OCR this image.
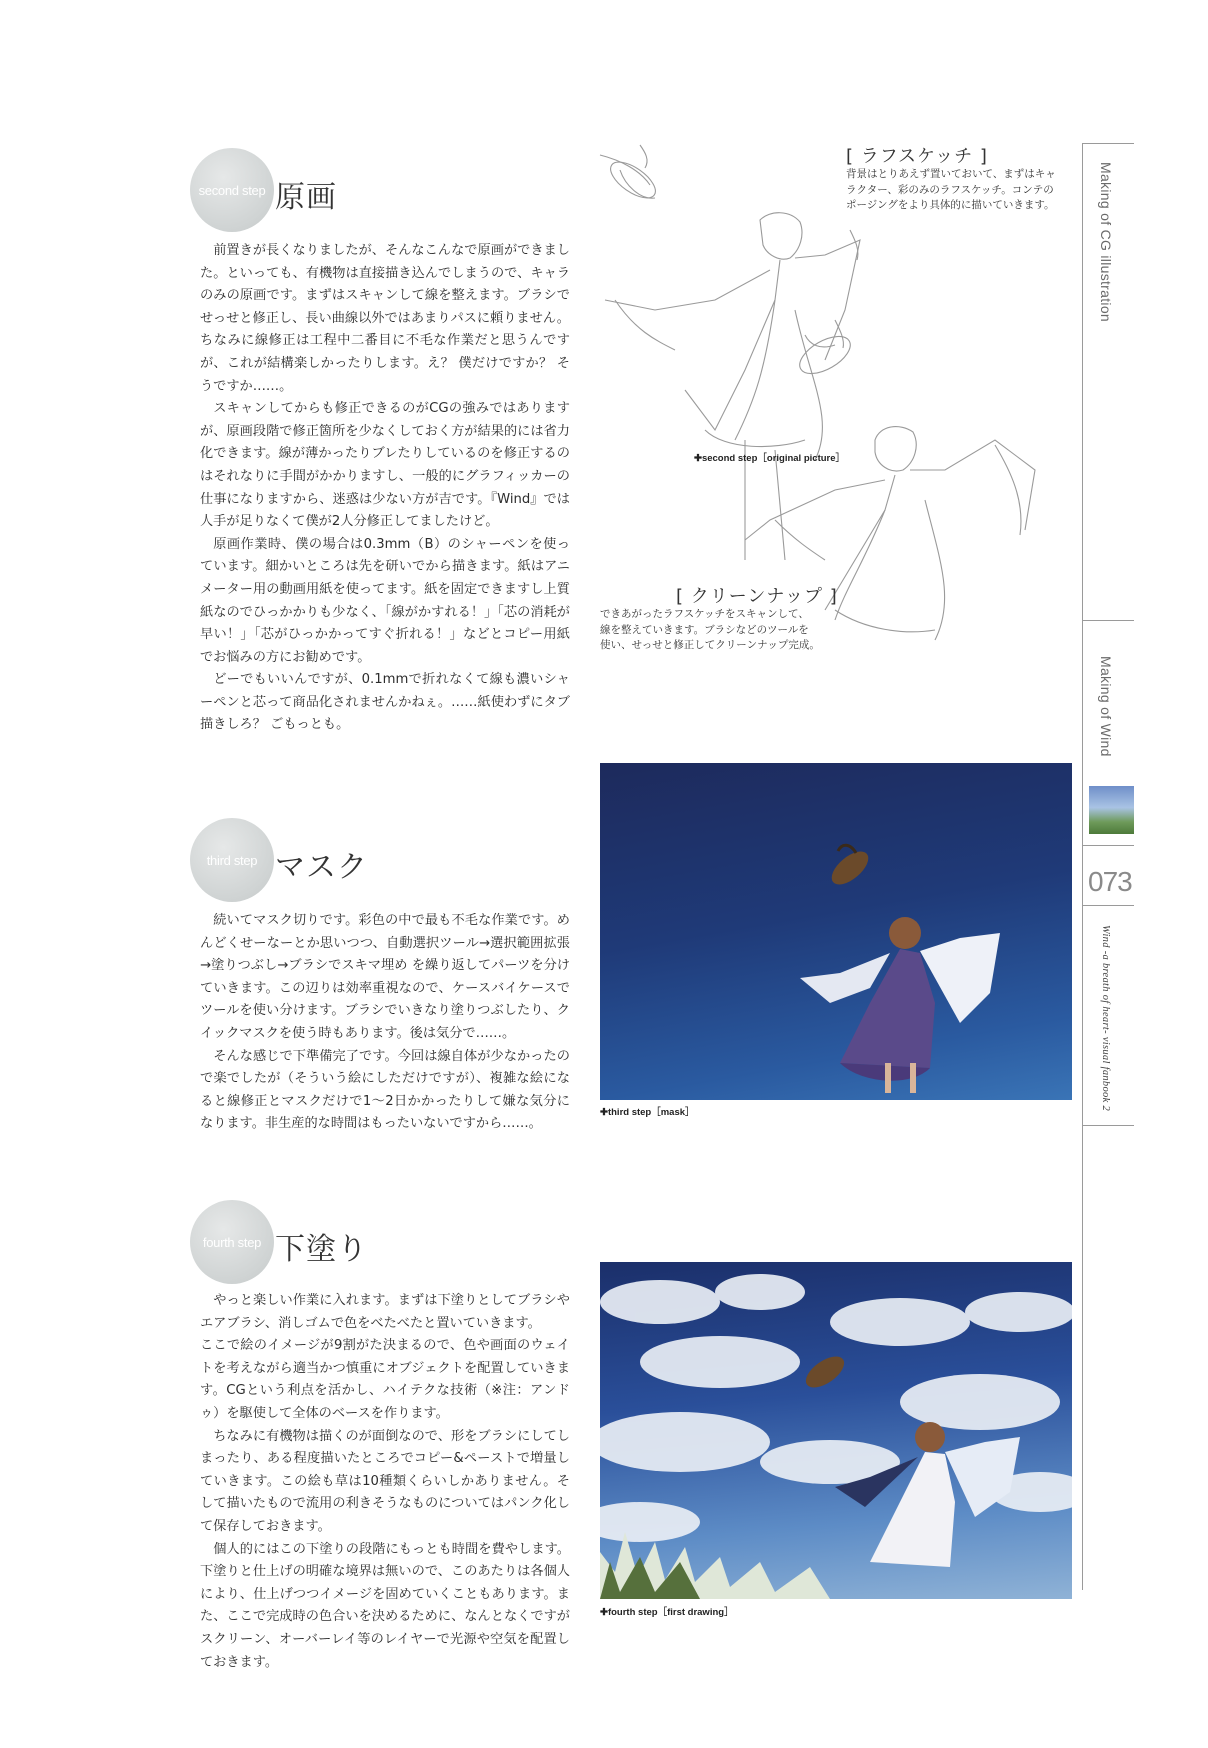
second step 原画

前置きが長くなりましたが、そんなこんなで原画ができました。といっても、有機物は直接描き込んでしまうので、キャラのみの原画です。まずはスキャンして線を整えます。ブラシでせっせと修正し、長い曲線以外ではあまりパスに頼りません。ちなみに線修正は工程中二番目に不毛な作業だと思うんですが、これが結構楽しかったりします。え？ 僕だけですか？ そうですか……。

スキャンしてからも修正できるのがCGの強みではありますが、原画段階で修正箇所を少なくしておく方が結果的には省力化できます。線が薄かったりブレたりしているのを修正するのはそれなりに手間がかかりますし、一般的にグラフィッカーの仕事になりますから、迷惑は少ない方が吉です。『Wind』では人手が足りなくて僕が2人分修正してましたけど。

原画作業時、僕の場合は0.3mm（B）のシャーペンを使っています。細かいところは先を研いでから描きます。紙はアニメーター用の動画用紙を使ってます。紙を固定できますし上質紙なのでひっかかりも少なく、「線がかすれる！」「芯の消耗が早い！」「芯がひっかかってすぐ折れる！」などとコピー用紙でお悩みの方にお勧めです。

どーでもいいんですが、0.1mmで折れなくて線も濃いシャーペンと芯って商品化されませんかねぇ。……紙使わずにタブ描きしろ？ ごもっとも。

[ ラフスケッチ ]
背景はとりあえず置いておいて、まずはキャ
ラクター、彩のみのラフスケッチ。コンテの
ポージングをより具体的に描いていきます。
✚second step［original picture］
[ クリーンナップ ]
できあがったラフスケッチをスキャンして、
線を整えていきます。ブラシなどのツールを
使い、せっせと修正してクリーンナップ完成。
third step マスク

続いてマスク切りです。彩色の中で最も不毛な作業です。めんどくせーなーとか思いつつ、自動選択ツール→選択範囲拡張→塗りつぶし→ブラシでスキマ埋め を繰り返してパーツを分けていきます。この辺りは効率重視なので、ケースバイケースでツールを使い分けます。ブラシでいきなり塗りつぶしたり、クイックマスクを使う時もあります。後は気分で……。

そんな感じで下準備完了です。今回は線自体が少なかったので楽でしたが（そういう絵にしただけですが）、複雑な絵になると線修正とマスクだけで1〜2日かかったりして嫌な気分になります。非生産的な時間はもったいないですから……。

✚third step［mask］
fourth step 下塗り

やっと楽しい作業に入れます。まずは下塗りとしてブラシやエアブラシ、消しゴムで色をべたべたと置いていきます。

ここで絵のイメージが9割がた決まるので、色や画面のウェイトを考えながら適当かつ慎重にオブジェクトを配置していきます。CGという利点を活かし、ハイテクな技術（※注：アンドゥ）を駆使して全体のベースを作ります。

ちなみに有機物は描くのが面倒なので、形をブラシにしてしまったり、ある程度描いたところでコピー&ペーストで増量していきます。この絵も草は10種類くらいしかありません。そして描いたもので流用の利きそうなものについてはパンク化して保存しておきます。

個人的にはこの下塗りの段階にもっとも時間を費やします。下塗りと仕上げの明確な境界は無いので、このあたりは各個人により、仕上げつつイメージを固めていくこともあります。また、ここで完成時の色合いを決めるために、なんとなくですがスクリーン、オーバーレイ等のレイヤーで光源や空気を配置しておきます。

✚fourth step［first drawing］
Making of CG illustration
Making of Wind
073
Wind -a breath of heart- visual fanbook 2
